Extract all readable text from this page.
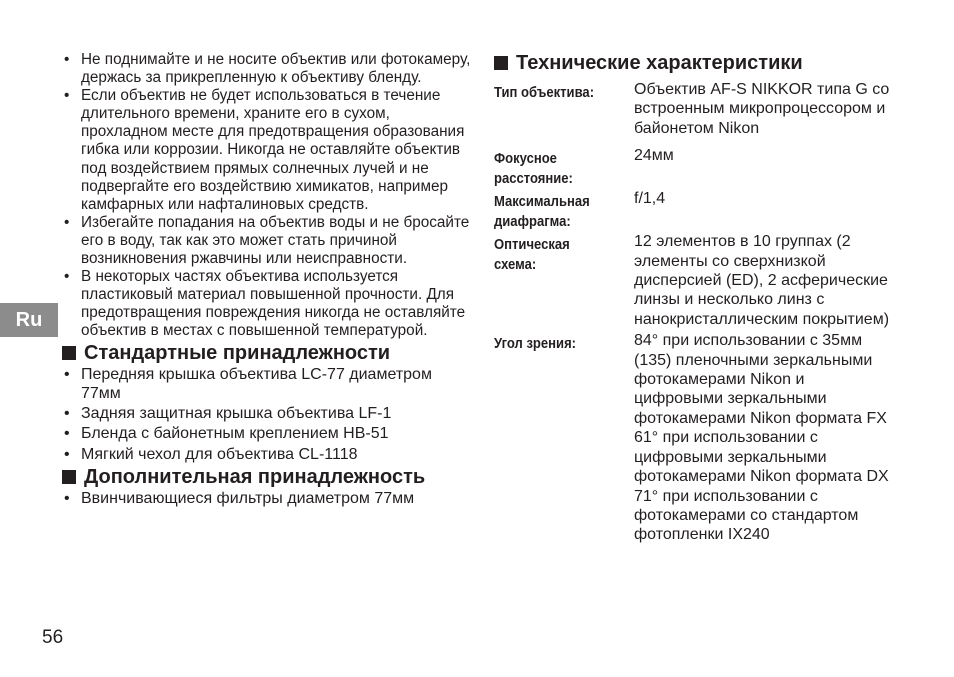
Ru
56
• Не поднимайте и не носите объектив или фотокамеру, держась за прикрепленную к объективу бленду.
• Если объектив не будет использоваться в течение длительного времени, храните его в сухом, прохладном месте для предотвращения образования гибка или коррозии. Никогда не оставляйте объектив под воздействием прямых солнечных лучей и не подвергайте его воздействию химикатов, например камфарных или нафталиновых средств.
• Избегайте попадания на объектив воды и не бросайте его в воду, так как это может стать причиной возникновения ржавчины или неисправности.
• В некоторых частях объектива используется пластиковый материал повышенной прочности. Для предотвращения повреждения никогда не оставляйте объектив в местах с повышенной температурой.
Стандартные принадлежности
• Передняя крышка объектива LC-77 диаметром 77мм
• Задняя защитная крышка объектива LF-1
• Бленда с байонетным креплением HB-51
• Мягкий чехол для объектива CL-1118
Дополнительная принадлежность
• Ввинчивающиеся фильтры диаметром 77мм
Технические характеристики
Тип объектива:	Объектив AF-S NIKKOR типа G со встроенным микропроцессором и байонетом Nikon
Фокусное расстояние:
24мм
Максимальная диафрагма:
f/1,4
Оптическая схема:
12 элементов в 10 группах (2 элементы со сверхнизкой дисперсией (ED), 2 асферические линзы и несколько линз с нанокристаллическим покрытием)
Угол зрения:	84° при использовании с 35мм (135) пленочными зеркальными фотокамерами Nikon и цифровыми зеркальными фотокамерами Nikon формата FX 61° при использовании с цифровыми зеркальными фотокамерами Nikon формата DX 71° при использовании с фотокамерами со стандартом фотопленки IX240
